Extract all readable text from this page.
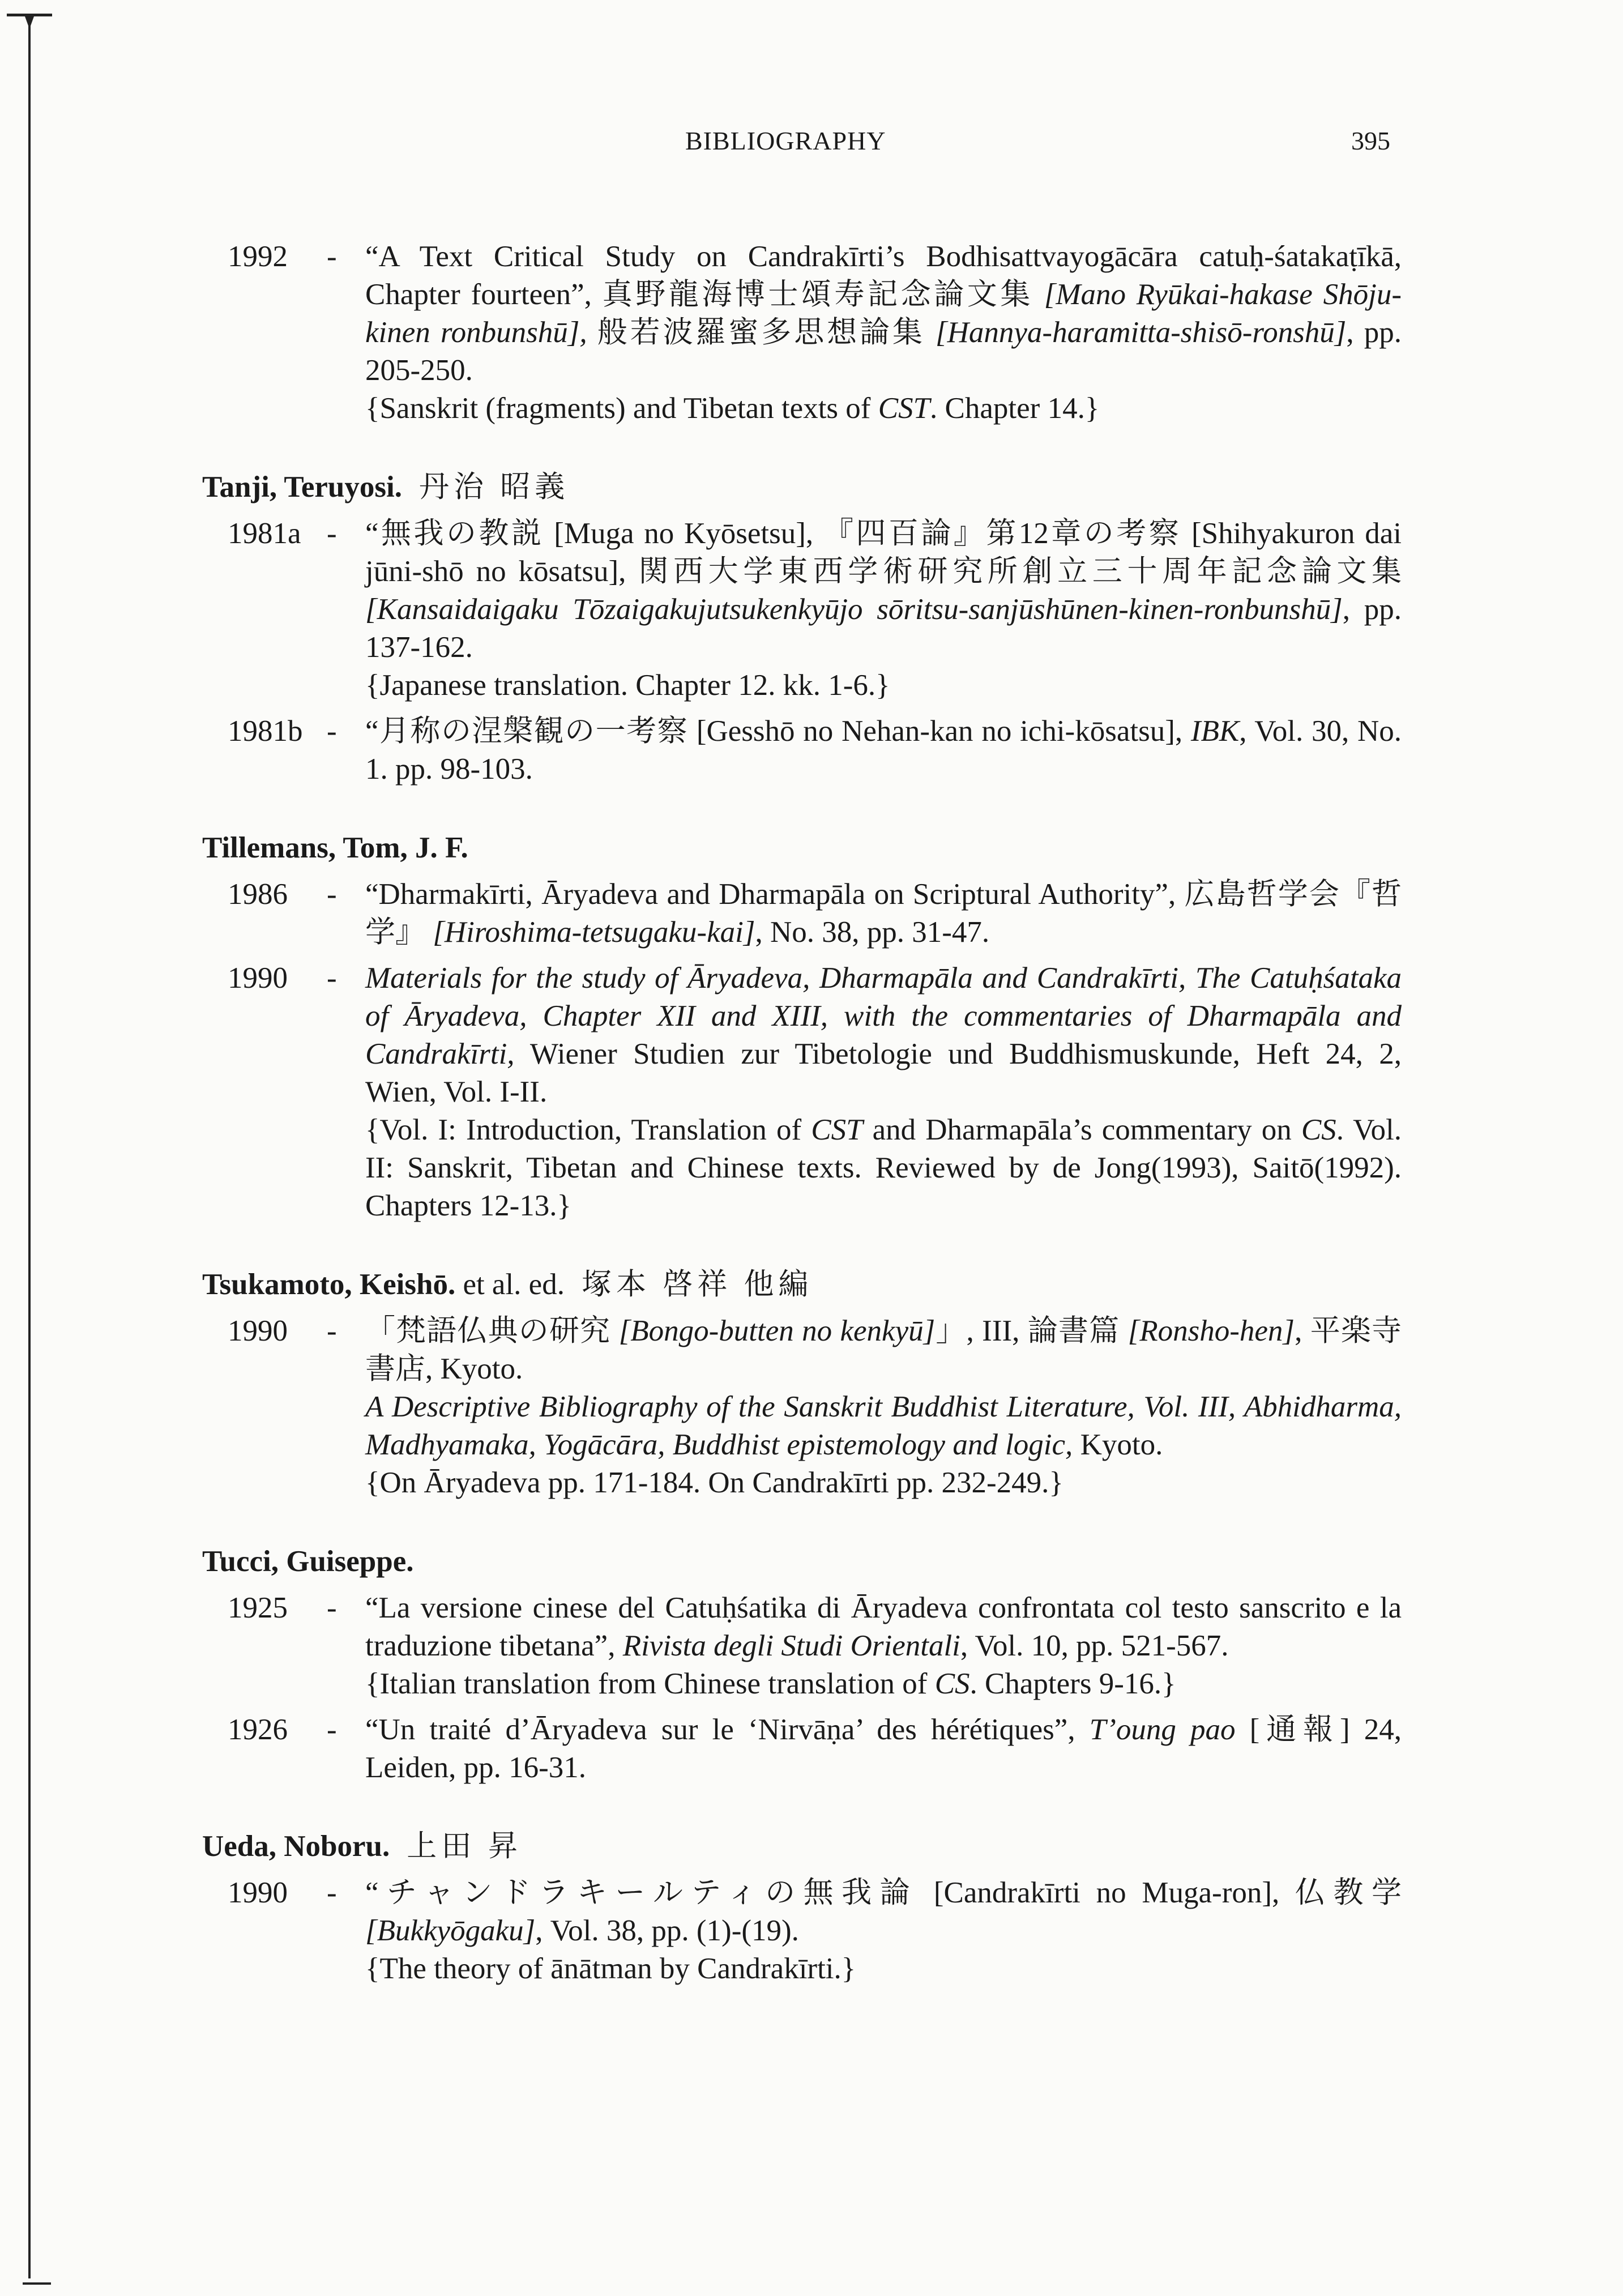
BIBLIOGRAPHY	395
1992	- “A Text Critical Study on Candrakīrti’s Bodhisattvayogācāra catuḥ-śatakaṭīkā, Chapter fourteen”, 真野龍海博士頌寿記念論文集 [Mano Ryūkai-hakase Shōju-kinen ronbunshū], 般若波羅蜜多思想論集 [Hannya-haramitta-shisō-ronshū], pp. 205-250.

{Sanskrit (fragments) and Tibetan texts of CST. Chapter 14.}

Tanji, Teruyosi. 丹治 昭義
1981a - “無我の教説 [Muga no Kyōsetsu], 『四百論』第12章の考察 [Shihyakuron dai jūni-shō no kōsatsu], 関西大学東西学術研究所創立三十周年記念論文集 [Kansaidaigaku Tōzaigakujutsukenkyūjo sōritsu-sanjūshūnen-kinen-ronbunshū], pp. 137-162.

{Japanese translation. Chapter 12. kk. 1-6.}

1981b - “月称の涅槃観の一考察 [Gesshō no Nehan-kan no ichi-kōsatsu], IBK, Vol. 30, No. 1. pp. 98-103.

Tillemans, Tom, J. F.
1986	- “Dharmakīrti, Āryadeva and Dharmapāla on Scriptural Authority”, 広島哲学会『哲学』 [Hiroshima-tetsugaku-kai], No. 38, pp. 31-47.

1990	- Materials for the study of Āryadeva, Dharmapāla and Candrakīrti, The Catuḥśataka of Āryadeva, Chapter XII and XIII, with the commentaries of Dharmapāla and Candrakīrti, Wiener Studien zur Tibetologie und Buddhismuskunde, Heft 24, 2, Wien, Vol. I-II.

{Vol. I: Introduction, Translation of CST and Dharmapāla’s commentary on CS. Vol. II: Sanskrit, Tibetan and Chinese texts. Reviewed by de Jong(1993), Saitō(1992). Chapters 12-13.}

Tsukamoto, Keishō. et al. ed. 塚本 啓祥 他編
1990	- 「梵語仏典の研究 [Bongo-butten no kenkyū]」, III, 論書篇 [Ronsho-hen], 平楽寺書店, Kyoto.

A Descriptive Bibliography of the Sanskrit Buddhist Literature, Vol. III, Abhidharma, Madhyamaka, Yogācāra, Buddhist epistemology and logic, Kyoto.

{On Āryadeva pp. 171-184. On Candrakīrti pp. 232-249.}

Tucci, Guiseppe.
1925	- “La versione cinese del Catuḥśatika di Āryadeva confrontata col testo sanscrito e la traduzione tibetana”, Rivista degli Studi Orientali, Vol. 10, pp. 521-567.

{Italian translation from Chinese translation of CS. Chapters 9-16.}

1926	- “Un traité d’Āryadeva sur le ‘Nirvāṇa’ des hérétiques”, T’oung pao [通報] 24, Leiden, pp. 16-31.

Ueda, Noboru. 上田 昇
1990	- “チャンドラキールティの無我論 [Candrakīrti no Muga-ron], 仏教学 [Bukkyōgaku], Vol. 38, pp. (1)-(19).

{The theory of ānātman by Candrakīrti.}
